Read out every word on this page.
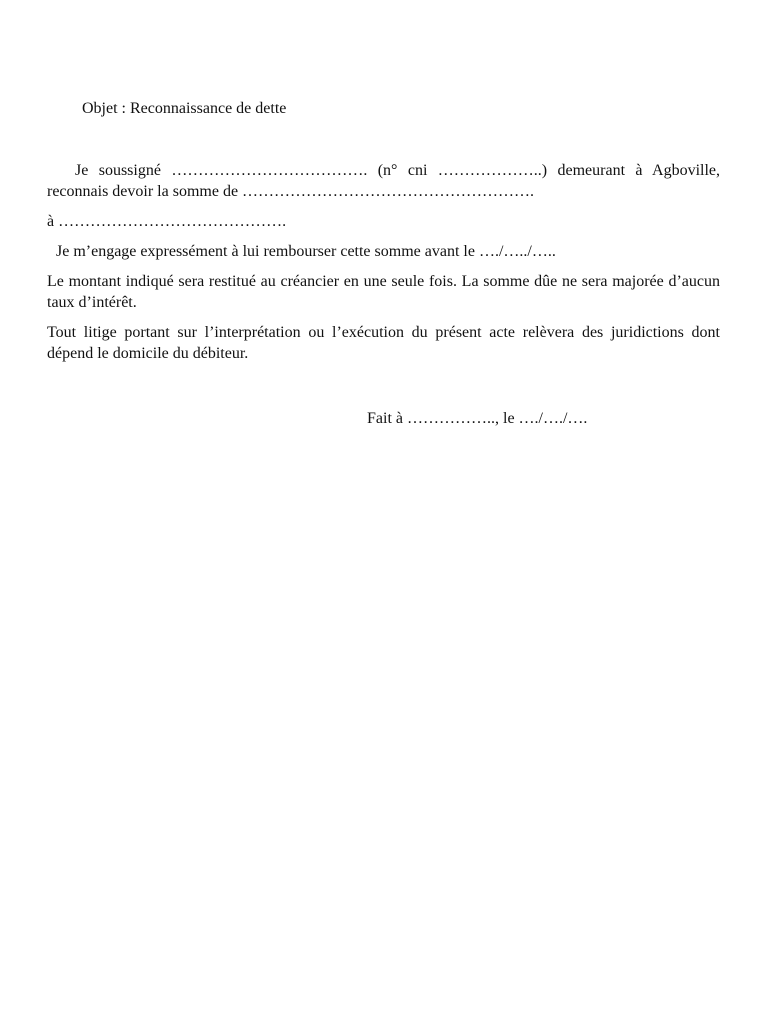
Objet : Reconnaissance de dette

Je soussigné ………………………………. (n° cni ………………..) demeurant à Agboville, reconnais devoir la somme de ……………………………………………….

à …………………………………….

Je m’engage expressément à lui rembourser cette somme avant le …./…../…..

Le montant indiqué sera restitué au créancier en une seule fois. La somme dûe ne sera majorée d’aucun taux d’intérêt.

Tout litige portant sur l’interprétation ou l’exécution du présent acte relèvera des juridictions dont dépend le domicile du débiteur.

Fait à …………….., le …./…./….
